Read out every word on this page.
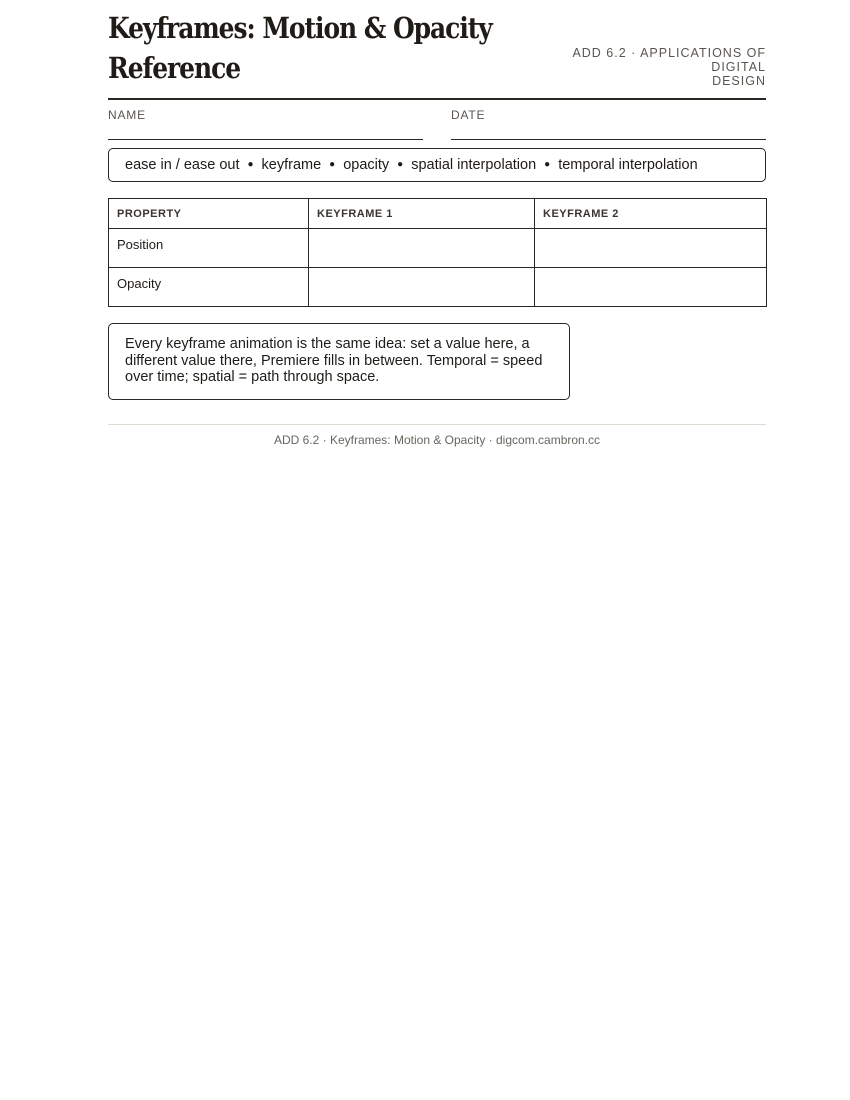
Keyframes: Motion & Opacity
Reference	ADD 6.2 · APPLICATIONS OF DIGITAL
DESIGN
NAME	DATE
ease in / ease out ● keyframe ● opacity ● spatial interpolation ● temporal interpolation
PROPERTY	KEYFRAME 1	KEYFRAME 2
Position		
Opacity		
Every keyframe animation is the same idea: set a value here, a different value there, Premiere fills in between. Temporal = speed over time; spatial = path through space.
ADD 6.2 · Keyframes: Motion & Opacity · digcom.cambron.cc
